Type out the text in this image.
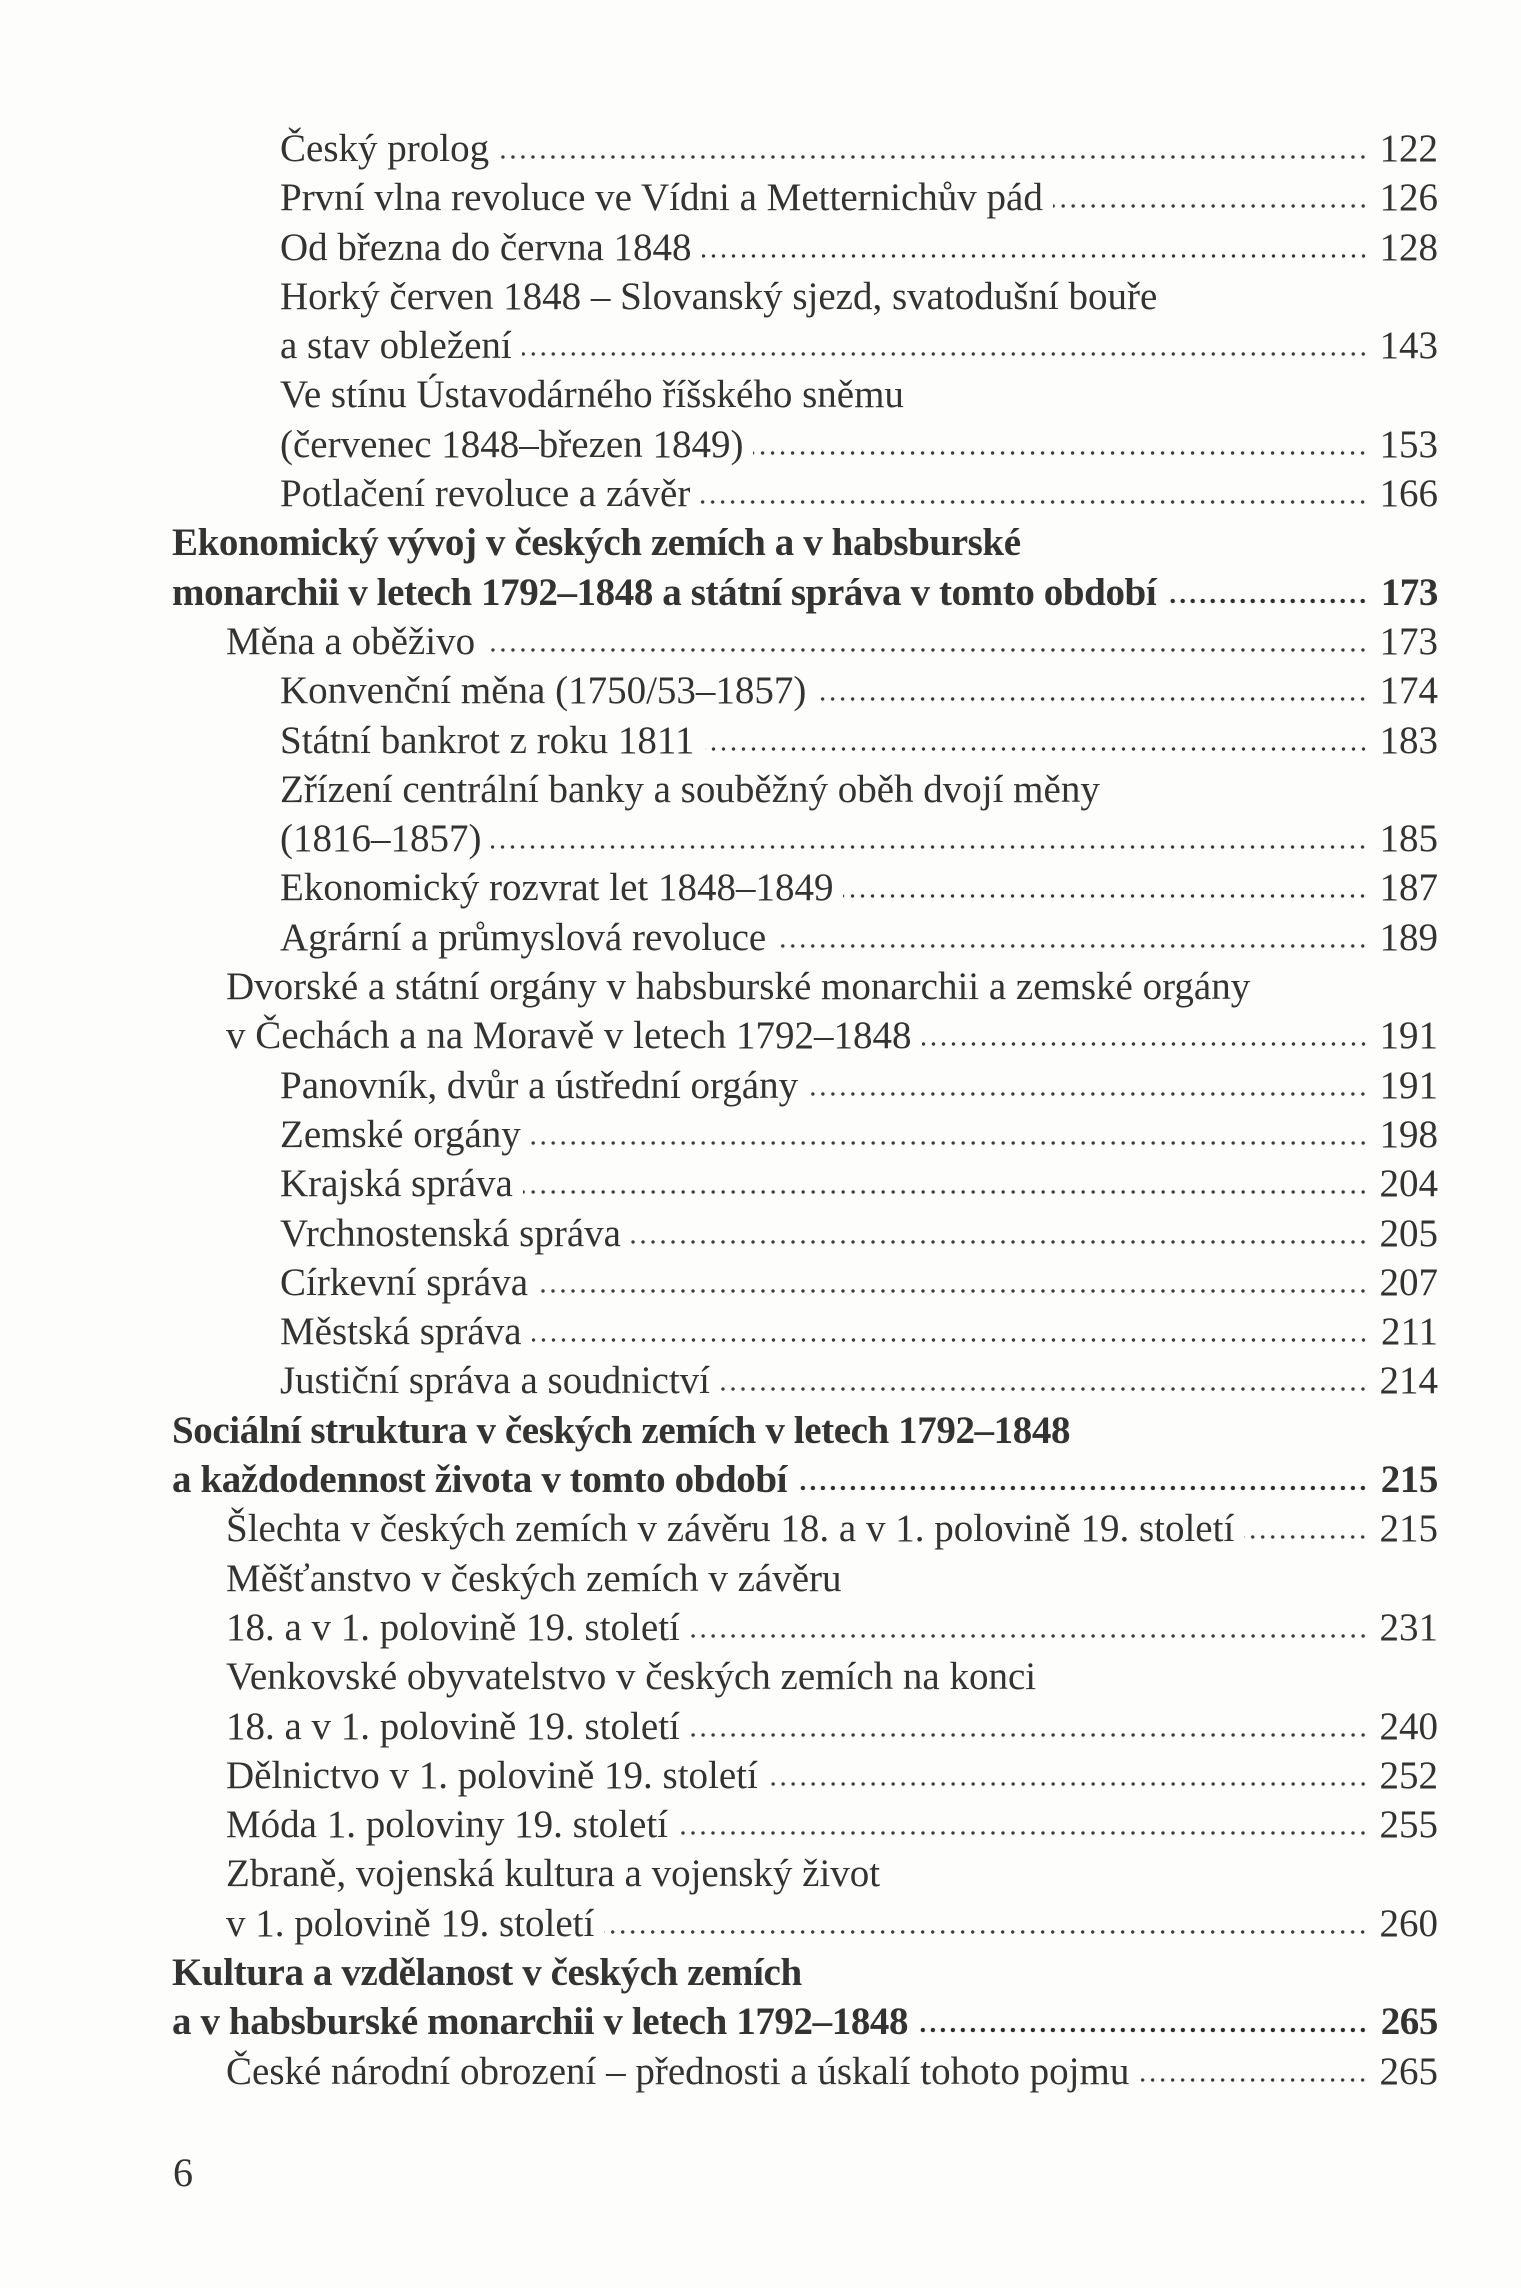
Český prolog	122
První vlna revoluce ve Vídni a Metternichův pád	126
Od března do června 1848	128
Horký červen 1848 – Slovanský sjezd, svatodušní bouře
a stav obležení	143
Ve stínu Ústavodárného říšského sněmu
(červenec 1848–březen 1849)	153
Potlačení revoluce a závěr	166
Ekonomický vývoj v českých zemích a v habsburské
monarchii v letech 1792–1848 a státní správa v tomto období	173
Měna a oběživo	173
Konvenční měna (1750/53–1857)	174
Státní bankrot z roku 1811	183
Zřízení centrální banky a souběžný oběh dvojí měny
(1816–1857)	185
Ekonomický rozvrat let 1848–1849	187
Agrární a průmyslová revoluce	189
Dvorské a státní orgány v habsburské monarchii a zemské orgány
v Čechách a na Moravě v letech 1792–1848	191
Panovník, dvůr a ústřední orgány	191
Zemské orgány	198
Krajská správa	204
Vrchnostenská správa	205
Církevní správa	207
Městská správa	211
Justiční správa a soudnictví	214
Sociální struktura v českých zemích v letech 1792–1848
a každodennost života v tomto období	215
Šlechta v českých zemích v závěru 18. a v 1. polovině 19. století	215
Měšťanstvo v českých zemích v závěru
18. a v 1. polovině 19. století	231
Venkovské obyvatelstvo v českých zemích na konci
18. a v 1. polovině 19. století	240
Dělnictvo v 1. polovině 19. století	252
Móda 1. poloviny 19. století	255
Zbraně, vojenská kultura a vojenský život
v 1. polovině 19. století	260
Kultura a vzdělanost v českých zemích
a v habsburské monarchii v letech 1792–1848	265
České národní obrození – přednosti a úskalí tohoto pojmu	265
6
